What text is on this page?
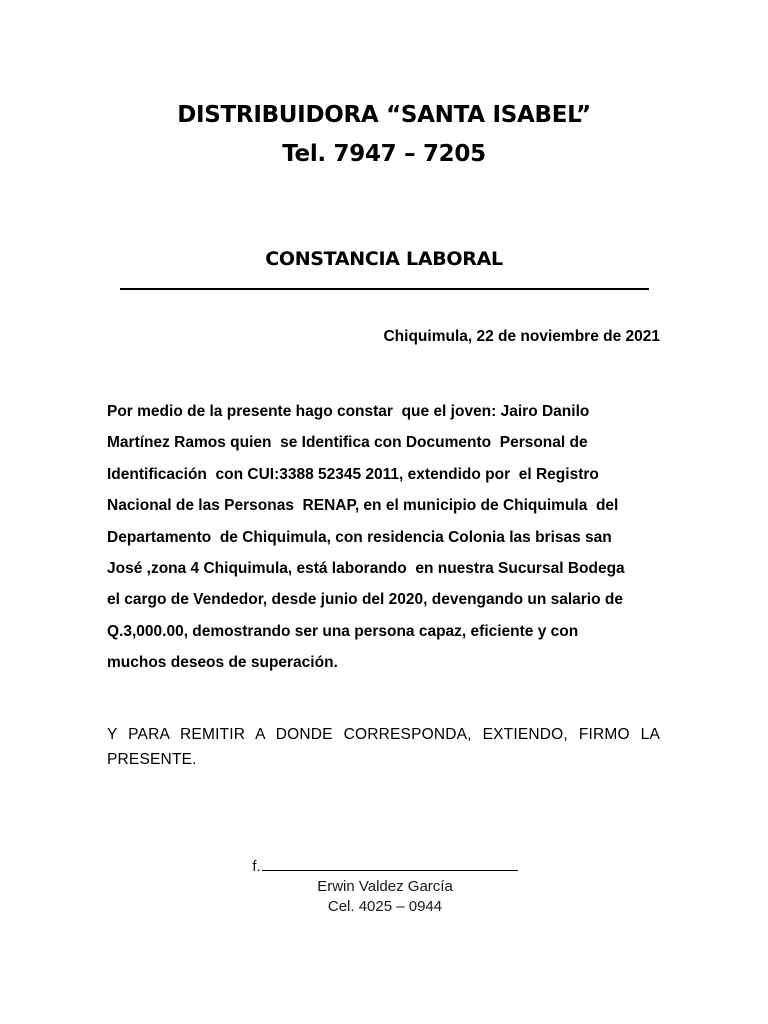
DISTRIBUIDORA “SANTA ISABEL”
Tel. 7947 – 7205
CONSTANCIA LABORAL
Chiquimula, 22 de noviembre de 2021

Por medio de la presente hago constar  que el joven: Jairo Danilo
Martínez Ramos quien  se Identifica con Documento  Personal de
Identificación  con CUI:3388 52345 2011, extendido por  el Registro
Nacional de las Personas  RENAP, en el municipio de Chiquimula  del
Departamento  de Chiquimula, con residencia Colonia las brisas san
José ,zona 4 Chiquimula, está laborando  en nuestra Sucursal Bodega
el cargo de Vendedor, desde junio del 2020, devengando un salario de
Q.3,000.00, demostrando ser una persona capaz, eficiente y con
muchos deseos de superación.

Y PARA REMITIR A DONDE CORRESPONDA, EXTIENDO, FIRMO LA PRESENTE.

f.
Erwin Valdez García
Cel. 4025 – 0944
